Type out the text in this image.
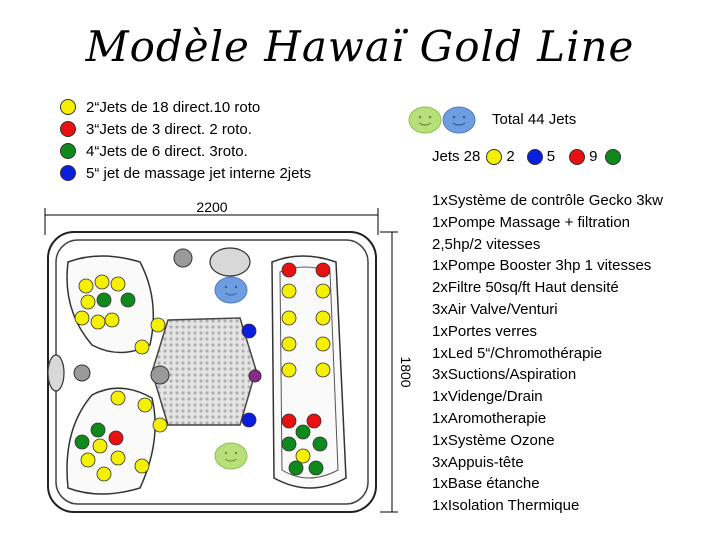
Modèle Hawaï Gold Line
2“Jets de 18 direct.10 roto
3“Jets de 3 direct. 2 roto.
4“Jets de 6 direct. 3roto.
5“ jet de massage jet interne 2jets
Total 44 Jets
Jets 28 2 5 9
1xSystème de contrôle Gecko 3kw
1xPompe Massage + filtration
2,5hp/2 vitesses
1xPompe Booster 3hp 1 vitesses
2xFiltre 50sq/ft Haut densité
3xAir Valve/Venturi
1xPortes verres
1xLed 5“/Chromothérapie
3xSuctions/Aspiration
1xVidenge/Drain
1xAromotherapie
1xSystème Ozone
3xAppuis-tête
1xBase étanche
1xIsolation Thermique
2200
1800
